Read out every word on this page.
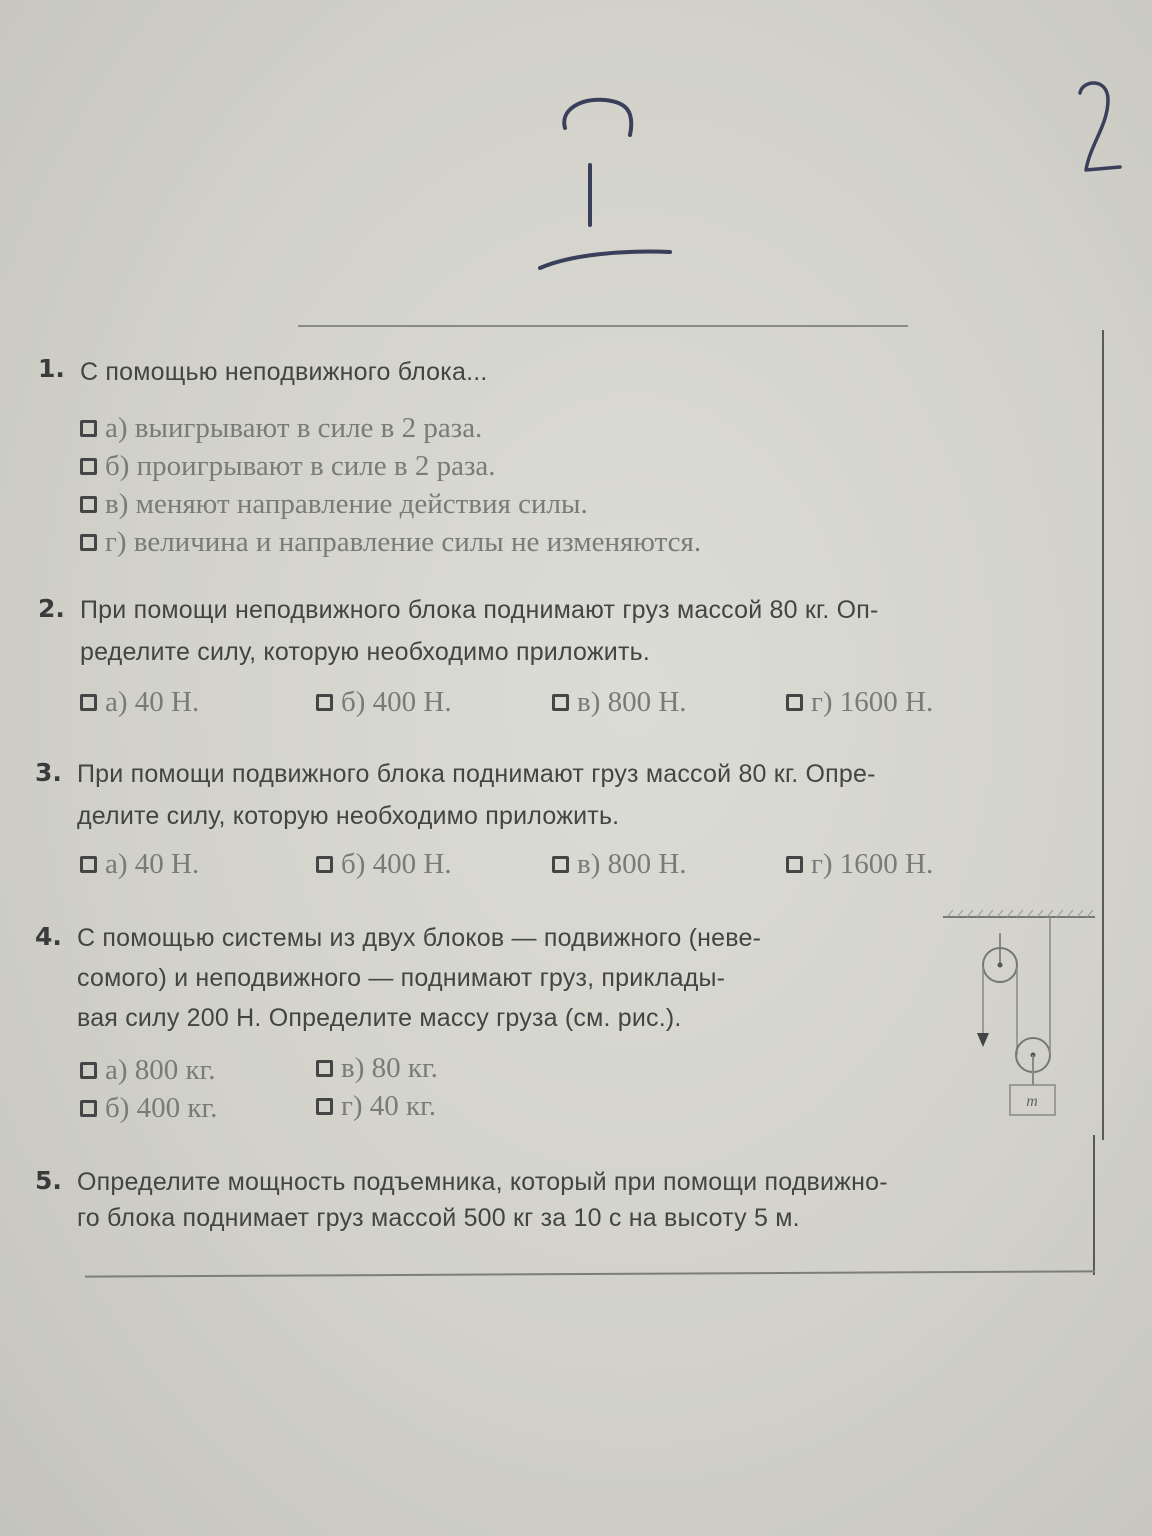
1. С помощью неподвижного блока...
а) выигрывают в силе в 2 раза.
б) проигрывают в силе в 2 раза.
в) меняют направление действия силы.
г) величина и направление силы не изменяются.
2. При помощи неподвижного блока поднимают груз массой 80 кг. Оп-
ределите силу, которую необходимо приложить.
а) 40 Н.	б) 400 Н.	в) 800 Н.	г) 1600 Н.
3. При помощи подвижного блока поднимают груз массой 80 кг. Опре-
делите силу, которую необходимо приложить.
а) 40 Н.	б) 400 Н.	в) 800 Н.	г) 1600 Н.
4. С помощью системы из двух блоков — подвижного (неве-
сомого) и неподвижного — поднимают груз, приклады-
вая силу 200 Н. Определите массу груза (см. рис.).
а) 800 кг.	в) 80 кг.
б) 400 кг.	г) 40 кг.	m
5. Определите мощность подъемника, который при помощи подвижно-
го блока поднимает груз массой 500 кг за 10 с на высоту 5 м.
